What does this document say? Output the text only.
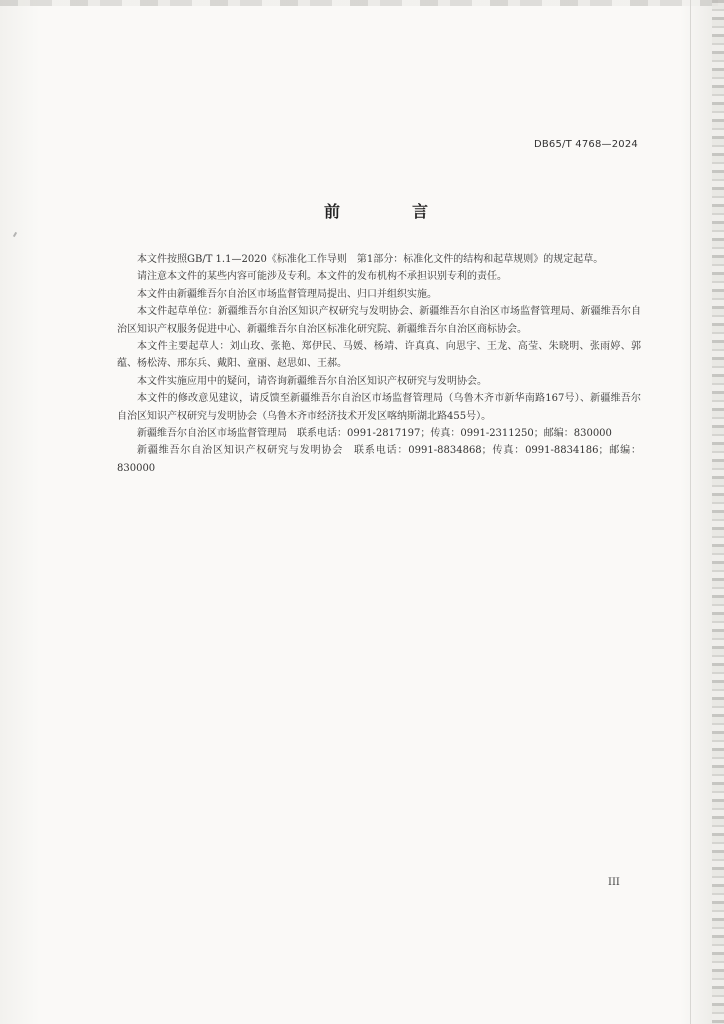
DB65/T 4768—2024
前　言

本文件按照GB/T 1.1—2020《标准化工作导则　第1部分：标准化文件的结构和起草规则》的规定起草。

请注意本文件的某些内容可能涉及专利。本文件的发布机构不承担识别专利的责任。

本文件由新疆维吾尔自治区市场监督管理局提出、归口并组织实施。

本文件起草单位：新疆维吾尔自治区知识产权研究与发明协会、新疆维吾尔自治区市场监督管理局、新疆维吾尔自治区知识产权服务促进中心、新疆维吾尔自治区标准化研究院、新疆维吾尔自治区商标协会。

本文件主要起草人：刘山玫、张艳、郑伊民、马媛、杨靖、许真真、向思宇、王龙、高莹、朱晓明、张雨婷、郭蕴、杨松涛、邢东兵、戴阳、童丽、赵思如、王郝。

本文件实施应用中的疑问，请咨询新疆维吾尔自治区知识产权研究与发明协会。

本文件的修改意见建议，请反馈至新疆维吾尔自治区市场监督管理局（乌鲁木齐市新华南路167号）、新疆维吾尔自治区知识产权研究与发明协会（乌鲁木齐市经济技术开发区喀纳斯湖北路455号）。

新疆维吾尔自治区市场监督管理局　联系电话：0991-2817197；传真：0991-2311250；邮编：830000

新疆维吾尔自治区知识产权研究与发明协会　联系电话：0991-8834868；传真：0991-8834186；邮编：830000

III
